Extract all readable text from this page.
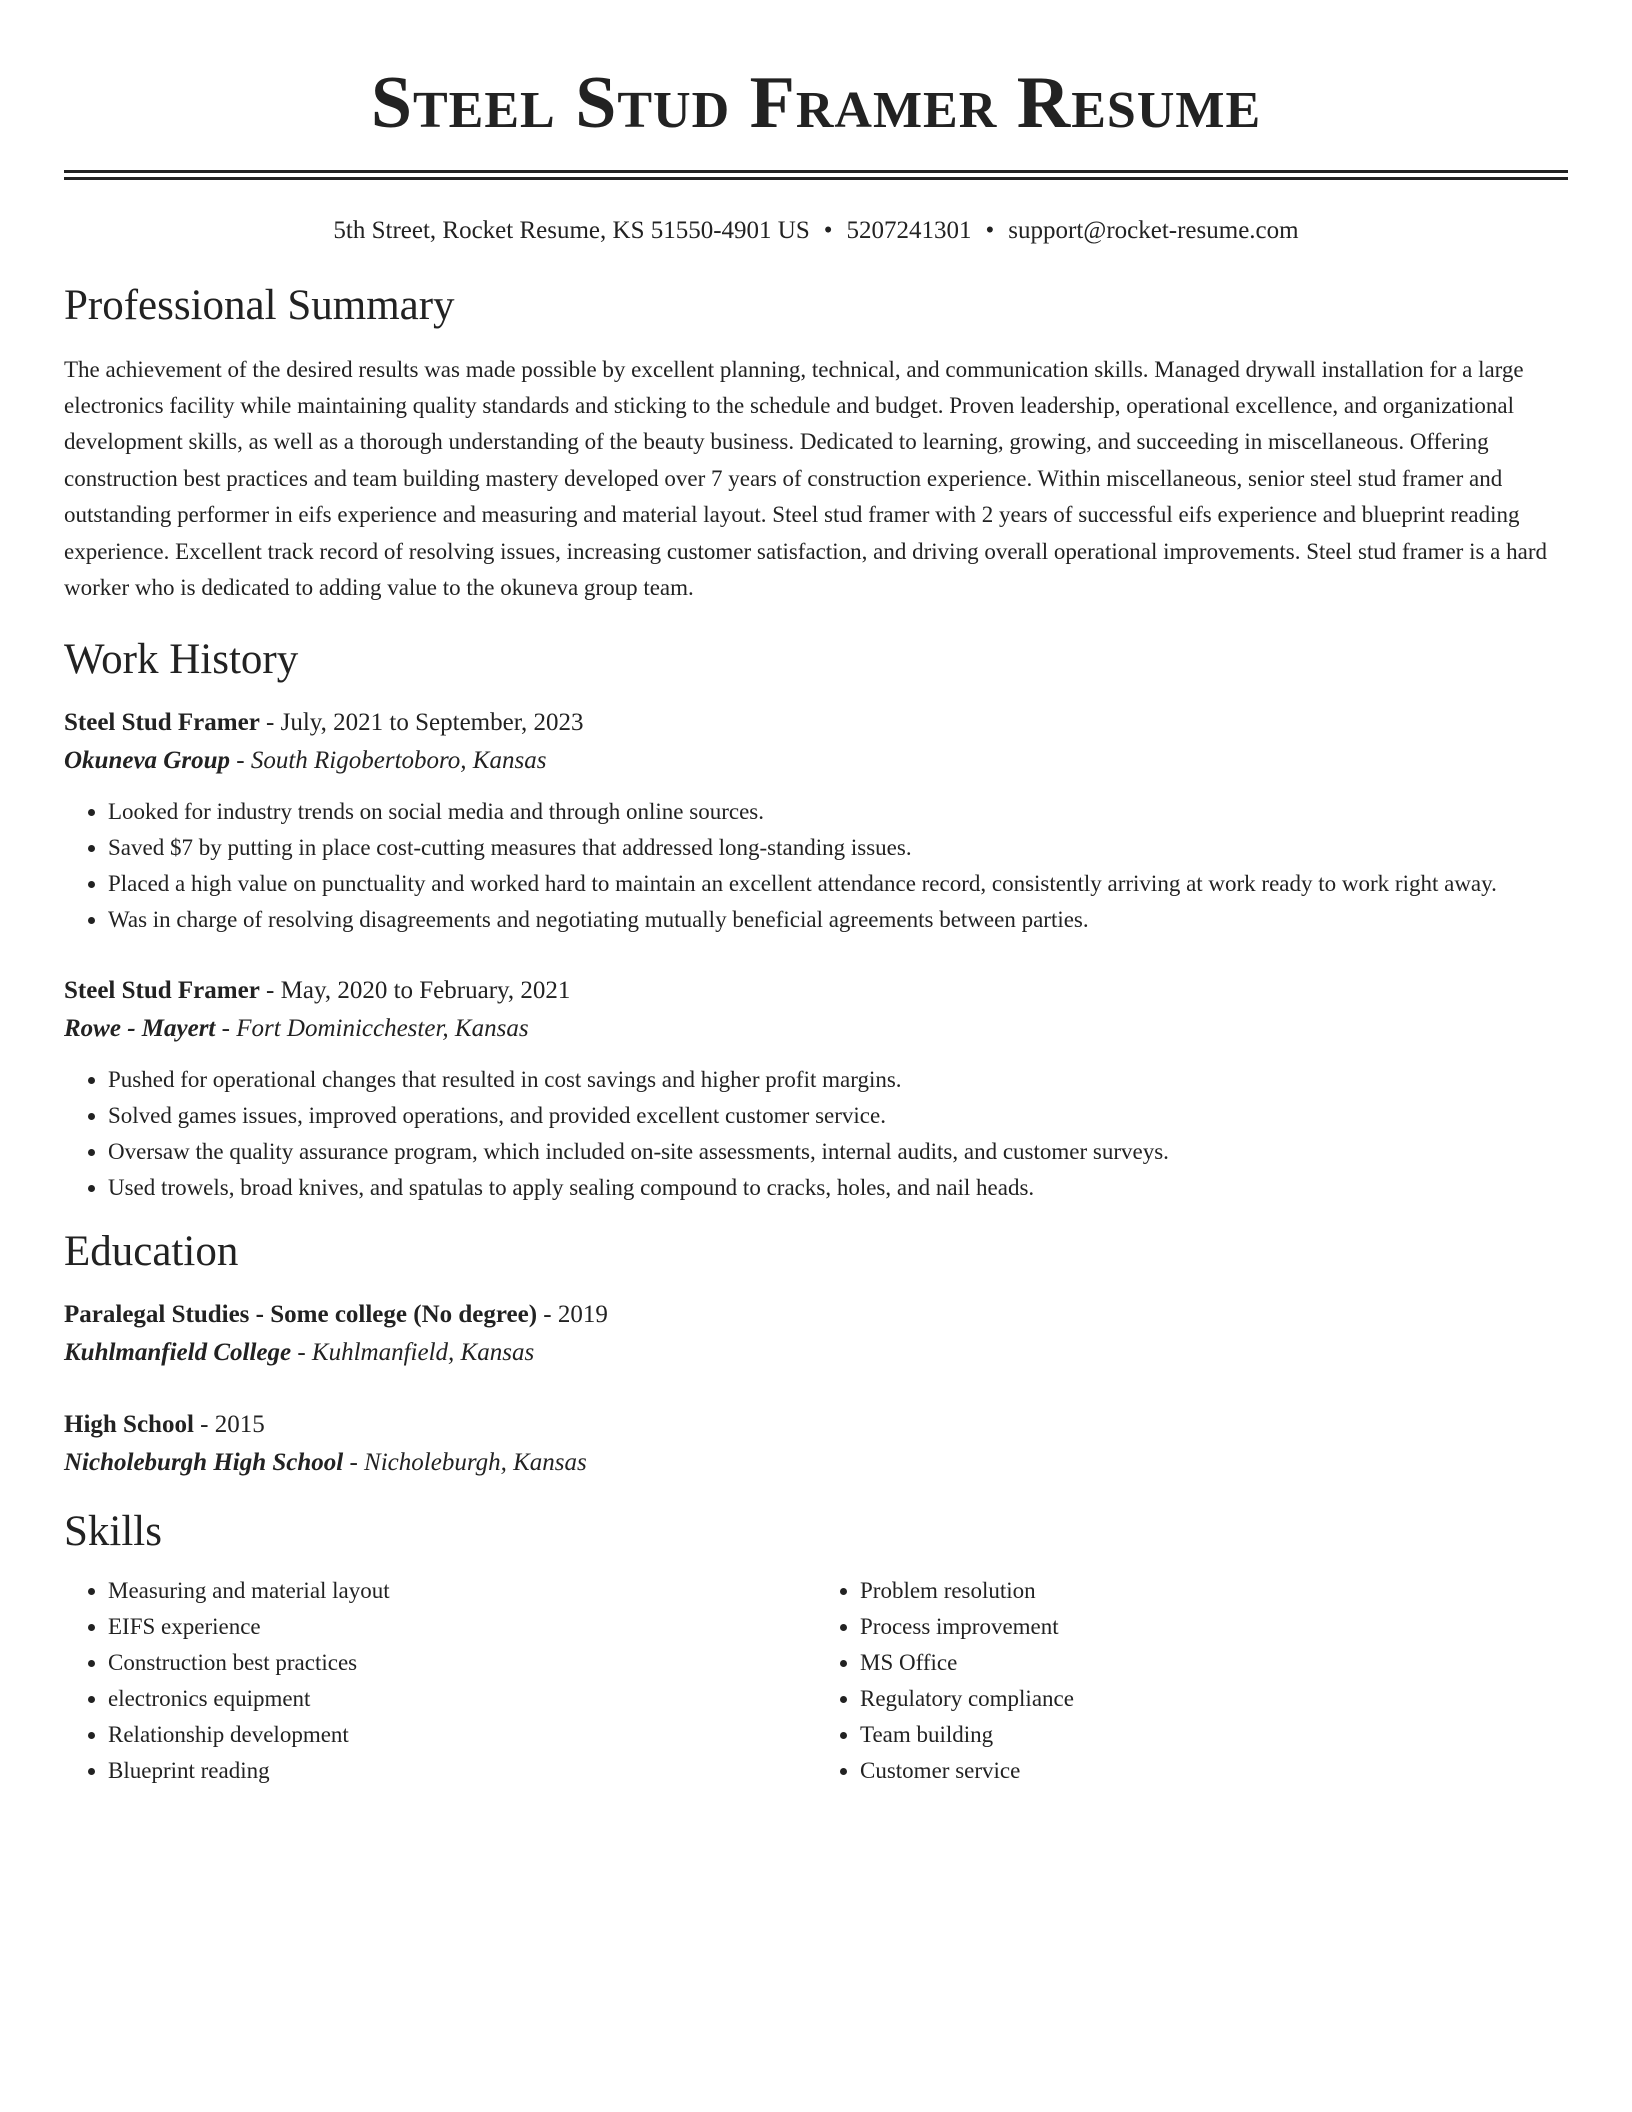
Steel Stud Framer Resume
5th Street, Rocket Resume, KS 51550-4901 US • 5207241301 • support@rocket-resume.com
Professional Summary

The achievement of the desired results was made possible by excellent planning, technical, and communication skills. Managed drywall installation for a large electronics facility while maintaining quality standards and sticking to the schedule and budget. Proven leadership, operational excellence, and organizational development skills, as well as a thorough understanding of the beauty business. Dedicated to learning, growing, and succeeding in miscellaneous. Offering construction best practices and team building mastery developed over 7 years of construction experience. Within miscellaneous, senior steel stud framer and outstanding performer in eifs experience and measuring and material layout. Steel stud framer with 2 years of successful eifs experience and blueprint reading experience. Excellent track record of resolving issues, increasing customer satisfaction, and driving overall operational improvements. Steel stud framer is a hard worker who is dedicated to adding value to the okuneva group team.

Work History
Steel Stud Framer - July, 2021 to September, 2023
Okuneva Group - South Rigobertoboro, Kansas
• Looked for industry trends on social media and through online sources.
• Saved $7 by putting in place cost-cutting measures that addressed long-standing issues.
• Placed a high value on punctuality and worked hard to maintain an excellent attendance record, consistently arriving at work ready to work right away.
• Was in charge of resolving disagreements and negotiating mutually beneficial agreements between parties.
Steel Stud Framer - May, 2020 to February, 2021
Rowe - Mayert - Fort Dominicchester, Kansas
• Pushed for operational changes that resulted in cost savings and higher profit margins.
• Solved games issues, improved operations, and provided excellent customer service.
• Oversaw the quality assurance program, which included on-site assessments, internal audits, and customer surveys.
• Used trowels, broad knives, and spatulas to apply sealing compound to cracks, holes, and nail heads.
Education
Paralegal Studies - Some college (No degree) - 2019
Kuhlmanfield College - Kuhlmanfield, Kansas
High School - 2015
Nicholeburgh High School - Nicholeburgh, Kansas
Skills
• Measuring and material layout
• EIFS experience
• Construction best practices
• electronics equipment
• Relationship development
• Blueprint reading
• Problem resolution
• Process improvement
• MS Office
• Regulatory compliance
• Team building
• Customer service
